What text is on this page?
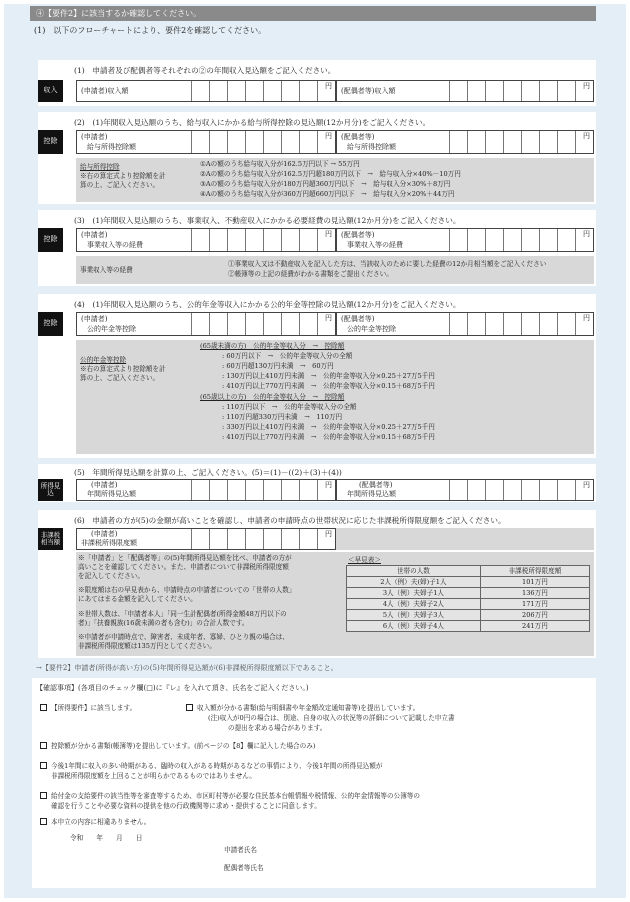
④【要件2】に該当するか確認してください。
(1)　以下のフローチャートにより、要件2を確認してください。
(1)　申請者及び配偶者等それぞれの②の年間収入見込額をご記入ください。
収入	(申請者)収入額
円
(配偶者等)収入額
円
(2)　(1)年間収入見込額のうち、給与収入にかかる給与所得控除の見込額(12か月分)をご記入ください。
控除
(申請者)
給与所得控除額
円 (配偶者等)
給与所得控除額
円
給与所得控除
※右の算定式より控除額を計
算の上、ご記入ください。
①Aの額のうち給与収入分が162.5万円以下 → 55万円
②Aの額のうち給与収入分が162.5万円超180万円以下　→　給与収入分×40%－10万円
③Aの額のうち給与収入分が180万円超360万円以下　→　給与収入分×30%＋8万円
④Aの額のうち給与収入分が360万円超660万円以下　→　給与収入分×20%＋44万円
(3)　(1)年間収入見込額のうち、事業収入、不動産収入にかかる必要経費の見込額(12か月分)をご記入ください。
控除
(申請者)
事業収入等の経費
円 (配偶者等)
事業収入等の経費
円
事業収入等の経費
①事業収入又は不動産収入を記入した方は、当該収入のために要した経費の12か月相当額をご記入ください
②帳簿等の上記の経費がわかる書類をご提出ください。
(4)　(1)年間収入見込額のうち、公的年金等収入にかかる公的年金等控除の見込額(12か月分)をご記入ください。
控除
(申請者)
公的年金等控除
円 (配偶者等)
公的年金等控除
円
公的年金等控除
※右の算定式より控除額を計
算の上、ご記入ください。
(65歳未満の方)　公的年金等収入分　→　控除額
: 60万円以下　→　公的年金等収入分の全額
: 60万円超130万円未満　→　60万円
: 130万円以上410万円未満　→　公的年金等収入分×0.25＋27万5千円
: 410万円以上770万円未満　→　公的年金等収入分×0.15＋68万5千円
(65歳以上の方)　公的年金等収入分　→　控除額
: 110万円以下　→　公的年金等収入分の全額
: 110万円超330万円未満　→　110万円
: 330万円以上410万円未満　→　公的年金等収入分×0.25＋27万5千円
: 410万円以上770万円未満　→　公的年金等収入分×0.15＋68万5千円
(5)　年間所得見込額を計算の上、ご記入ください。(5)＝(1)－((2)＋(3)＋(4))
所得見込
(申請者)
年間所得見込額
円	(配偶者等)
年間所得見込額
円
(6)　申請者の方が(5)の金額が高いことを確認し、申請者の申請時点の世帯状況に応じた非課税所得限度額をご記入ください。
非課税相当額
(申請者)
非課税所得限度額
円
※「申請者」と「配偶者等」の(5)年間所得見込額を比べ、申請者の方が
高いことを確認してください。また、申請者について非課税所得限度額
を記入してください。
※限度額は右の早見表から、申請時点の申請者についての「世帯の人数」
にあてはまる金額を記入してください。
※世帯人数は、「申請者本人」「同一生計配偶者(所得金額48万円以下の
者)」「扶養親族(16歳未満の者も含む)」の合計人数です。
※申請者が申請時点で、障害者、未成年者、寡婦、ひとり親の場合は、
非課税所得限度額は135万円としてください。
＜早見表＞
世帯の人数	非課税所得限度額
2人（例）夫(婦)子1人	101万円
3人（例）夫婦子1人	136万円
4人（例）夫婦子2人	171万円
5人（例）夫婦子3人	206万円
6人（例）夫婦子4人	241万円
→【要件2】申請者(所得が高い方)の(5)年間所得見込額が(6)非課税所得限度額以下であること。
【確認事項】(各項目のチェック欄(□)に『レ』を入れて頂き、氏名をご記入ください。)
【所得要件】に該当します。	収入額が分かる書類(給与明細書や年金額改定通知書等)を提出しています。
(注)収入が0円の場合は、別途、自身の収入の状況等の詳細について記載した申立書
の提出を求める場合があります。
控除額が分かる書類(帳簿等)を提出しています。(前ページの【8】欄に記入した場合のみ)
今後1年間に収入の多い時期がある、臨時の収入がある時期があるなどの事情により、今後1年間の所得見込額が
非課税所得限度額を上回ることが明らかであるものではありません。
給付金の支給要件の該当性等を審査等するため、市区町村等が必要な住民基本台帳情報や税情報、公的年金情報等の公簿等の
確認を行うことや必要な資料の提供を他の行政機関等に求め・提供することに同意します。
本申立の内容に相違ありません。
令和　　年　　月　　日
申請者氏名
配偶者等氏名
